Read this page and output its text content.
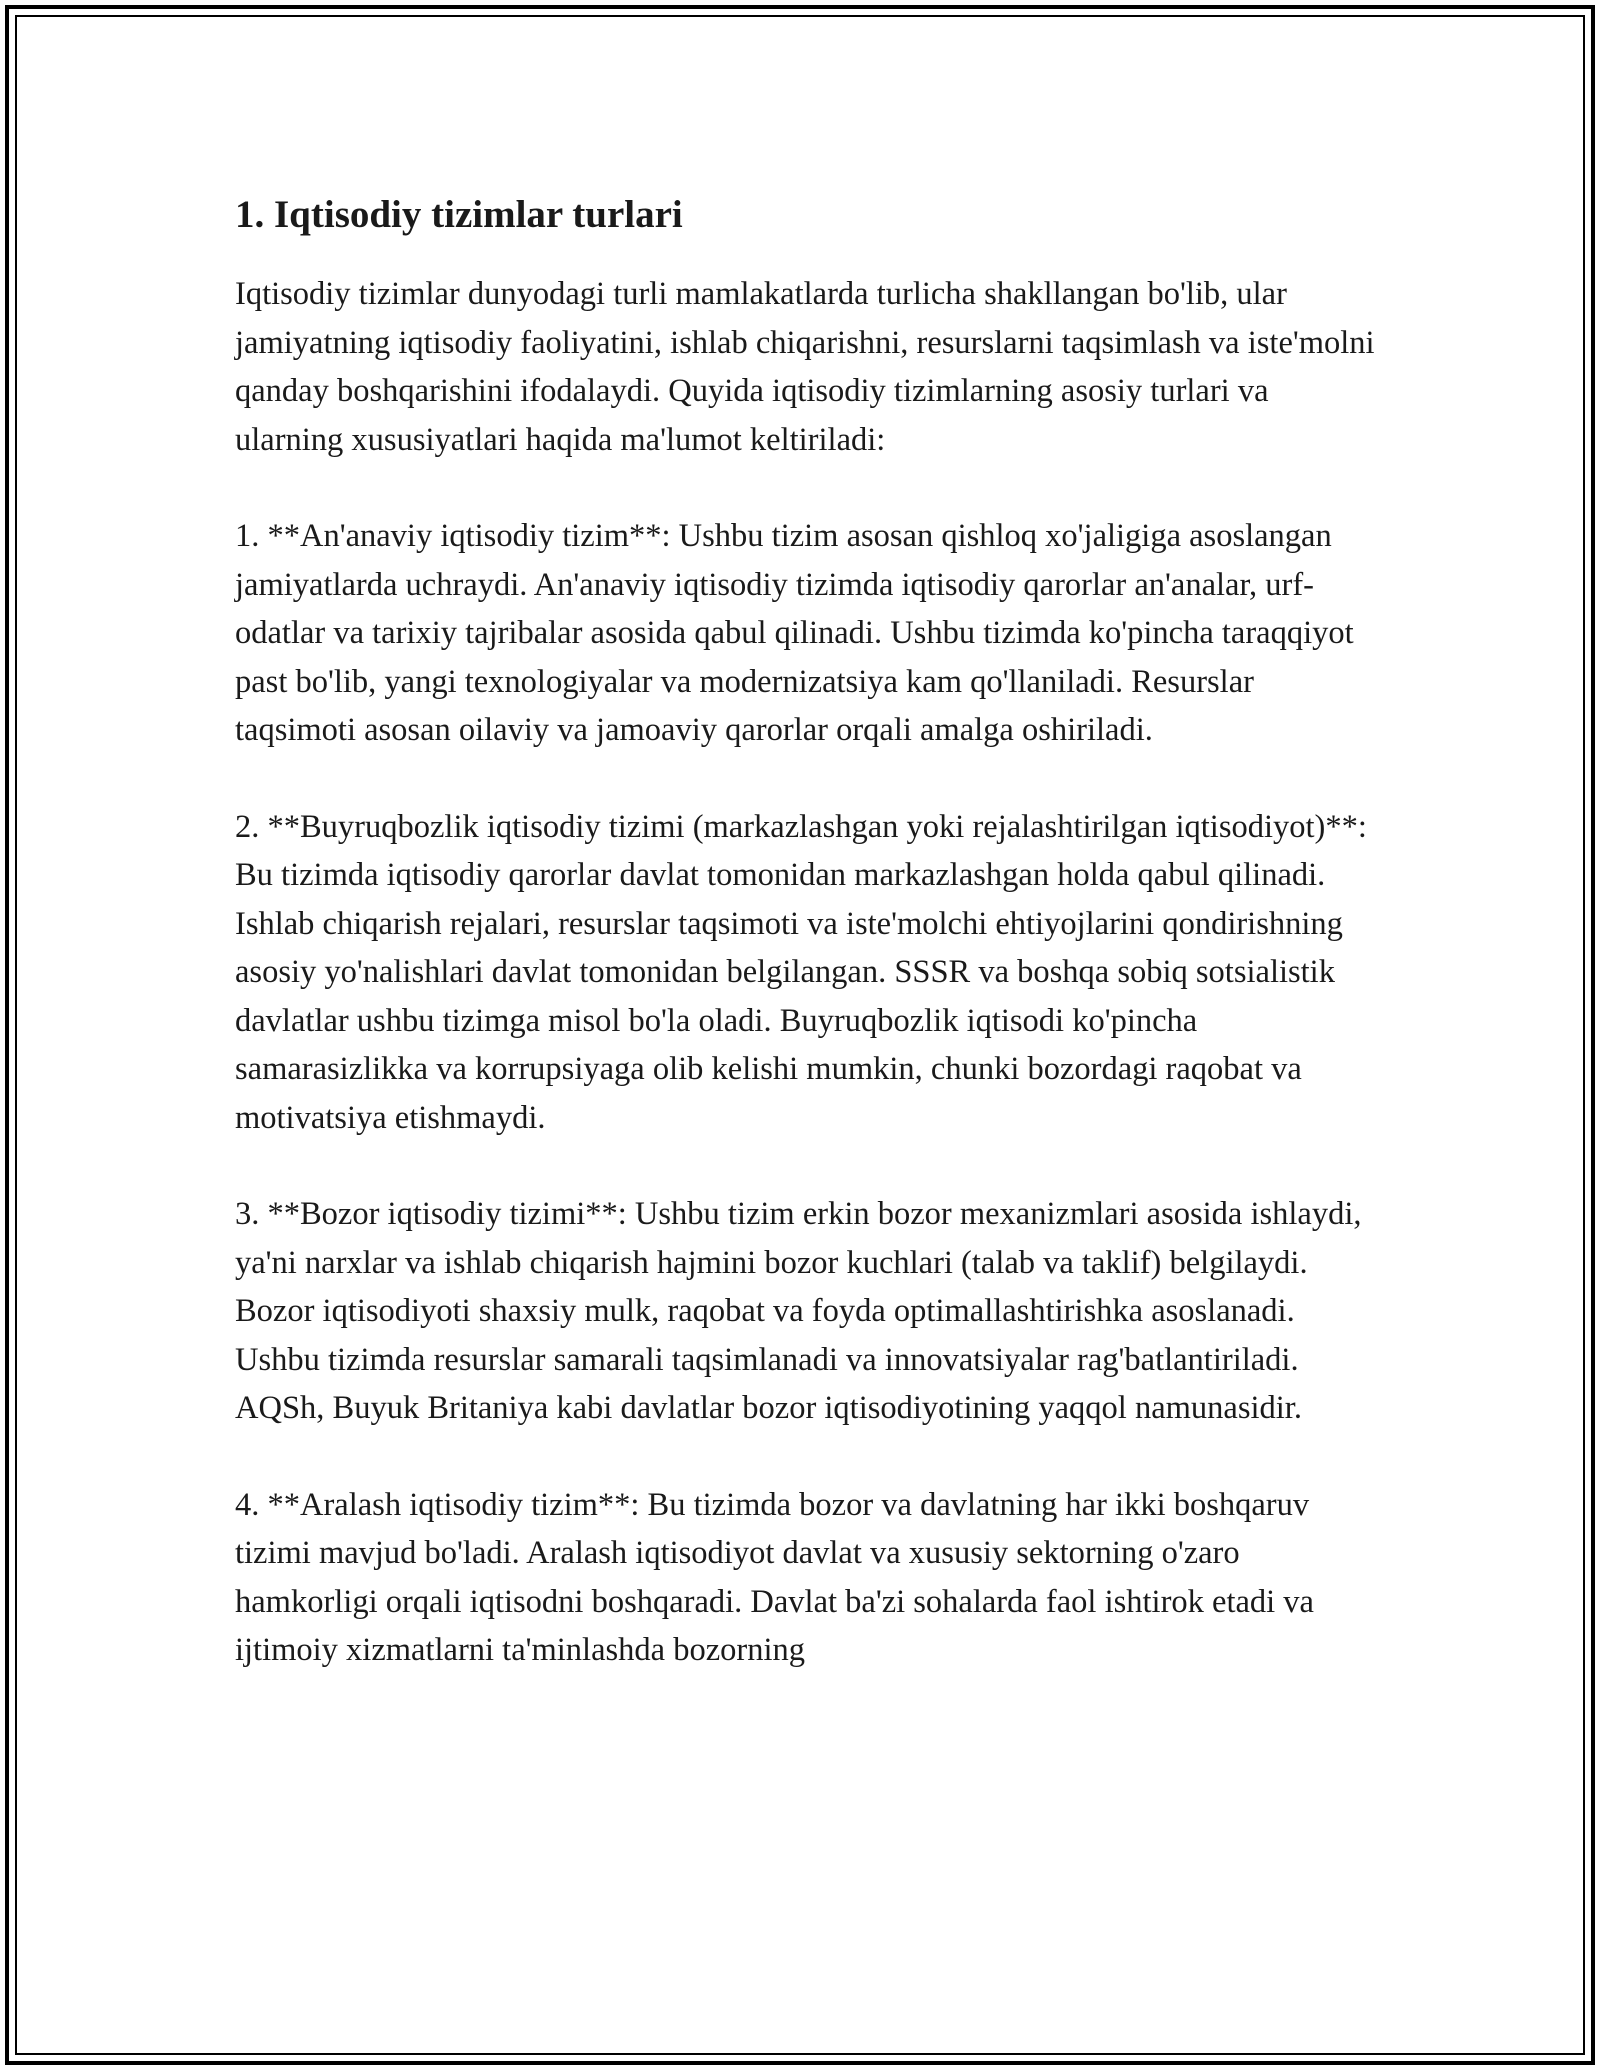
1. Iqtisodiy tizimlar turlari

Iqtisodiy tizimlar dunyodagi turli mamlakatlarda turlicha shakllangan bo'lib, ular jamiyatning iqtisodiy faoliyatini, ishlab chiqarishni, resurslarni taqsimlash va iste'molni qanday boshqarishini ifodalaydi. Quyida iqtisodiy tizimlarning asosiy turlari va ularning xususiyatlari haqida ma'lumot keltiriladi:

1. **An'anaviy iqtisodiy tizim**: Ushbu tizim asosan qishloq xo'jaligiga asoslangan jamiyatlarda uchraydi. An'anaviy iqtisodiy tizimda iqtisodiy qarorlar an'analar, urf-odatlar va tarixiy tajribalar asosida qabul qilinadi. Ushbu tizimda ko'pincha taraqqiyot past bo'lib, yangi texnologiyalar va modernizatsiya kam qo'llaniladi. Resurslar taqsimoti asosan oilaviy va jamoaviy qarorlar orqali amalga oshiriladi.

2. **Buyruqbozlik iqtisodiy tizimi (markazlashgan yoki rejalashtirilgan iqtisodiyot)**: Bu tizimda iqtisodiy qarorlar davlat tomonidan markazlashgan holda qabul qilinadi. Ishlab chiqarish rejalari, resurslar taqsimoti va iste'molchi ehtiyojlarini qondirishning asosiy yo'nalishlari davlat tomonidan belgilangan. SSSR va boshqa sobiq sotsialistik davlatlar ushbu tizimga misol bo'la oladi. Buyruqbozlik iqtisodi ko'pincha samarasizlikka va korrupsiyaga olib kelishi mumkin, chunki bozordagi raqobat va motivatsiya etishmaydi.

3. **Bozor iqtisodiy tizimi**: Ushbu tizim erkin bozor mexanizmlari asosida ishlaydi, ya'ni narxlar va ishlab chiqarish hajmini bozor kuchlari (talab va taklif) belgilaydi. Bozor iqtisodiyoti shaxsiy mulk, raqobat va foyda optimallashtirishka asoslanadi. Ushbu tizimda resurslar samarali taqsimlanadi va innovatsiyalar rag'batlantiriladi. AQSh, Buyuk Britaniya kabi davlatlar bozor iqtisodiyotining yaqqol namunasidir.

4. **Aralash iqtisodiy tizim**: Bu tizimda bozor va davlatning har ikki boshqaruv tizimi mavjud bo'ladi. Aralash iqtisodiyot davlat va xususiy sektorning o'zaro hamkorligi orqali iqtisodni boshqaradi. Davlat ba'zi sohalarda faol ishtirok etadi va ijtimoiy xizmatlarni ta'minlashda bozorning
